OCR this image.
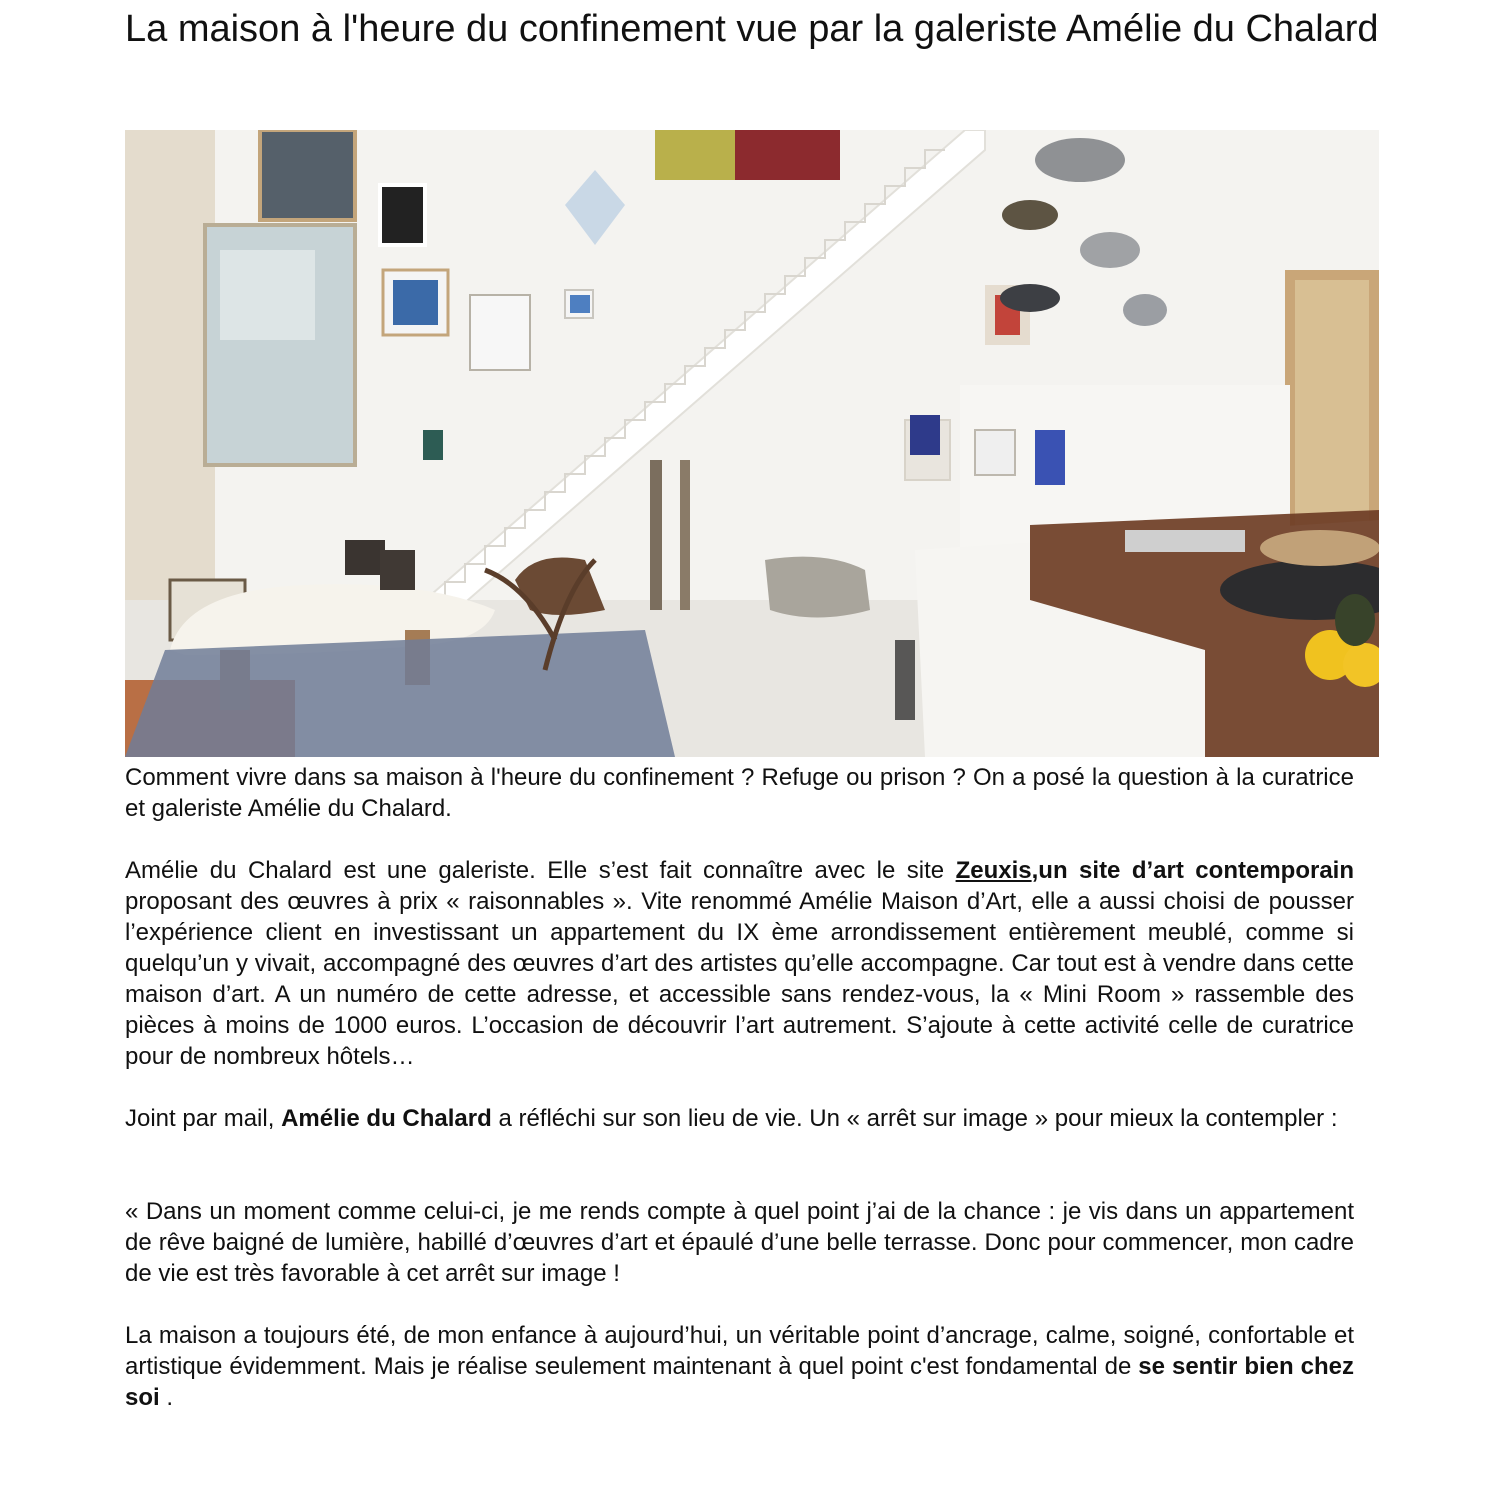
La maison à l'heure du confinement vue par la galeriste Amélie du Chalard

Comment vivre dans sa maison à l'heure du confinement ? Refuge ou prison ? On a posé la question à la curatrice et galeriste Amélie du Chalard.

Amélie du Chalard est une galeriste. Elle s’est fait connaître avec le site Zeuxis,un site d’art contemporain proposant des œuvres à prix « raisonnables ». Vite renommé Amélie Maison d’Art, elle a aussi choisi de pousser l’expérience client en investissant un appartement du IX ème arrondissement entièrement meublé, comme si quelqu’un y vivait, accompagné des œuvres d’art des artistes qu’elle accompagne. Car tout est à vendre dans cette maison d’art. A un numéro de cette adresse, et accessible sans rendez-vous, la « Mini Room » rassemble des pièces à moins de 1000 euros. L’occasion de découvrir l’art autrement. S’ajoute à cette activité celle de curatrice pour de nombreux hôtels…

Joint par mail, Amélie du Chalard a réfléchi sur son lieu de vie. Un « arrêt sur image » pour mieux la contempler :

« Dans un moment comme celui-ci, je me rends compte à quel point j’ai de la chance : je vis dans un appartement de rêve baigné de lumière, habillé d’œuvres d’art et épaulé d’une belle terrasse. Donc pour commencer, mon cadre de vie est très favorable à cet arrêt sur image !

La maison a toujours été, de mon enfance à aujourd’hui, un véritable point d’ancrage, calme, soigné, confortable et artistique évidemment. Mais je réalise seulement maintenant à quel point c'est fondamental de se sentir bien chez soi .
